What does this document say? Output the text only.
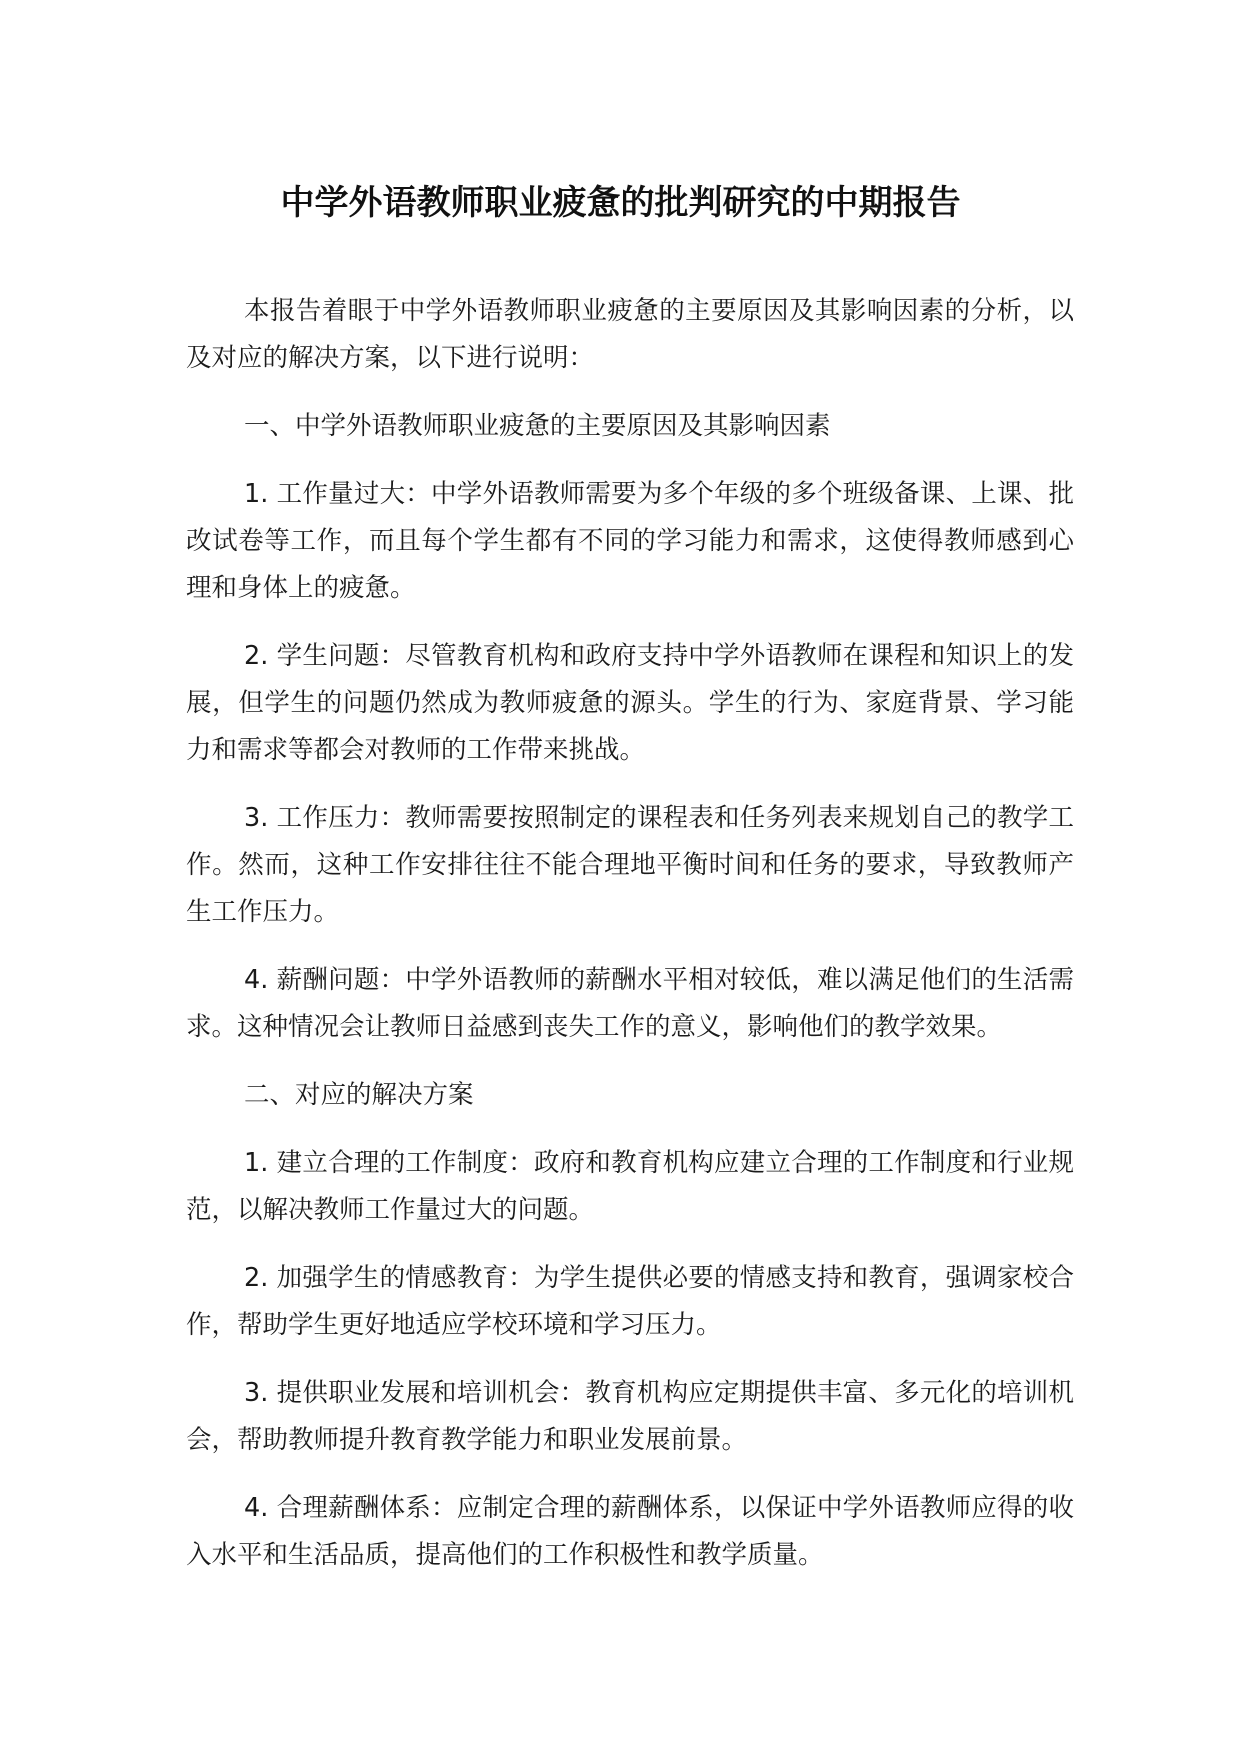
中学外语教师职业疲惫的批判研究的中期报告

本报告着眼于中学外语教师职业疲惫的主要原因及其影响因素的分析，以及对应的解决方案，以下进行说明：

一、中学外语教师职业疲惫的主要原因及其影响因素

1. 工作量过大：中学外语教师需要为多个年级的多个班级备课、上课、批改试卷等工作，而且每个学生都有不同的学习能力和需求，这使得教师感到心理和身体上的疲惫。

2. 学生问题：尽管教育机构和政府支持中学外语教师在课程和知识上的发展，但学生的问题仍然成为教师疲惫的源头。学生的行为、家庭背景、学习能力和需求等都会对教师的工作带来挑战。

3. 工作压力：教师需要按照制定的课程表和任务列表来规划自己的教学工作。然而，这种工作安排往往不能合理地平衡时间和任务的要求，导致教师产生工作压力。

4. 薪酬问题：中学外语教师的薪酬水平相对较低，难以满足他们的生活需求。这种情况会让教师日益感到丧失工作的意义，影响他们的教学效果。

二、对应的解决方案

1. 建立合理的工作制度：政府和教育机构应建立合理的工作制度和行业规范，以解决教师工作量过大的问题。

2. 加强学生的情感教育：为学生提供必要的情感支持和教育，强调家校合作，帮助学生更好地适应学校环境和学习压力。

3. 提供职业发展和培训机会：教育机构应定期提供丰富、多元化的培训机会，帮助教师提升教育教学能力和职业发展前景。

4. 合理薪酬体系：应制定合理的薪酬体系，以保证中学外语教师应得的收入水平和生活品质，提高他们的工作积极性和教学质量。
